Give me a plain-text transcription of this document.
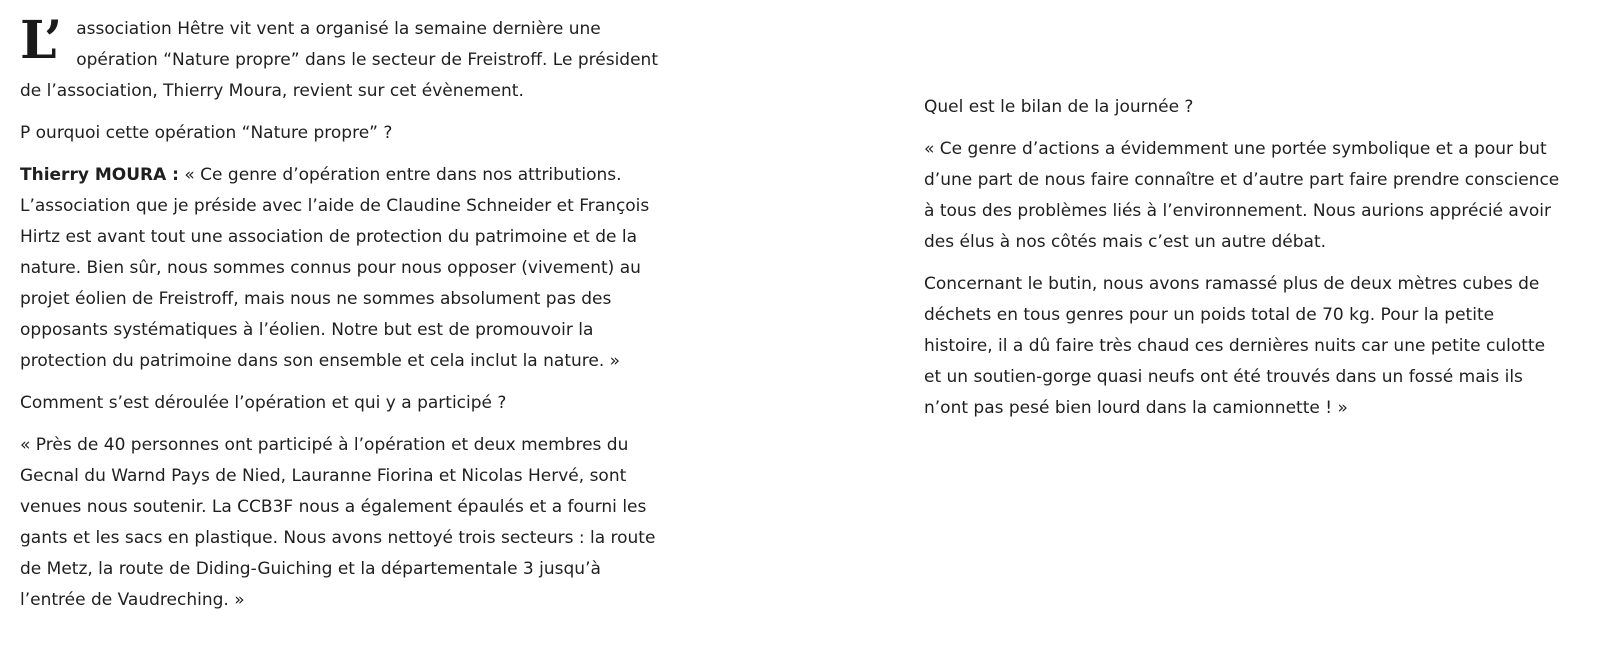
L’ association Hêtre vit vent a organisé la semaine dernière une opération “Nature propre” dans le secteur de Freistroff. Le président de l’association, Thierry Moura, revient sur cet évènement.

P ourquoi cette opération “Nature propre” ?

Thierry MOURA : « Ce genre d’opération entre dans nos attributions. L’association que je préside avec l’aide de Claudine Schneider et François Hirtz est avant tout une association de protection du patrimoine et de la nature. Bien sûr, nous sommes connus pour nous opposer (vivement) au projet éolien de Freistroff, mais nous ne sommes absolument pas des opposants systématiques à l’éolien. Notre but est de promouvoir la protection du patrimoine dans son ensemble et cela inclut la nature. »

Comment s’est déroulée l’opération et qui y a participé ?

« Près de 40 personnes ont participé à l’opération et deux membres du Gecnal du Warnd Pays de Nied, Lauranne Fiorina et Nicolas Hervé, sont venues nous soutenir. La CCB3F nous a également épaulés et a fourni les gants et les sacs en plastique. Nous avons nettoyé trois secteurs : la route de Metz, la route de Diding-Guiching et la départementale 3 jusqu’à l’entrée de Vaudreching. »

Quel est le bilan de la journée ?

« Ce genre d’actions a évidemment une portée symbolique et a pour but d’une part de nous faire connaître et d’autre part faire prendre conscience à tous des problèmes liés à l’environnement. Nous aurions apprécié avoir des élus à nos côtés mais c’est un autre débat.

Concernant le butin, nous avons ramassé plus de deux mètres cubes de déchets en tous genres pour un poids total de 70 kg. Pour la petite histoire, il a dû faire très chaud ces dernières nuits car une petite culotte et un soutien-gorge quasi neufs ont été trouvés dans un fossé mais ils n’ont pas pesé bien lourd dans la camionnette ! »
